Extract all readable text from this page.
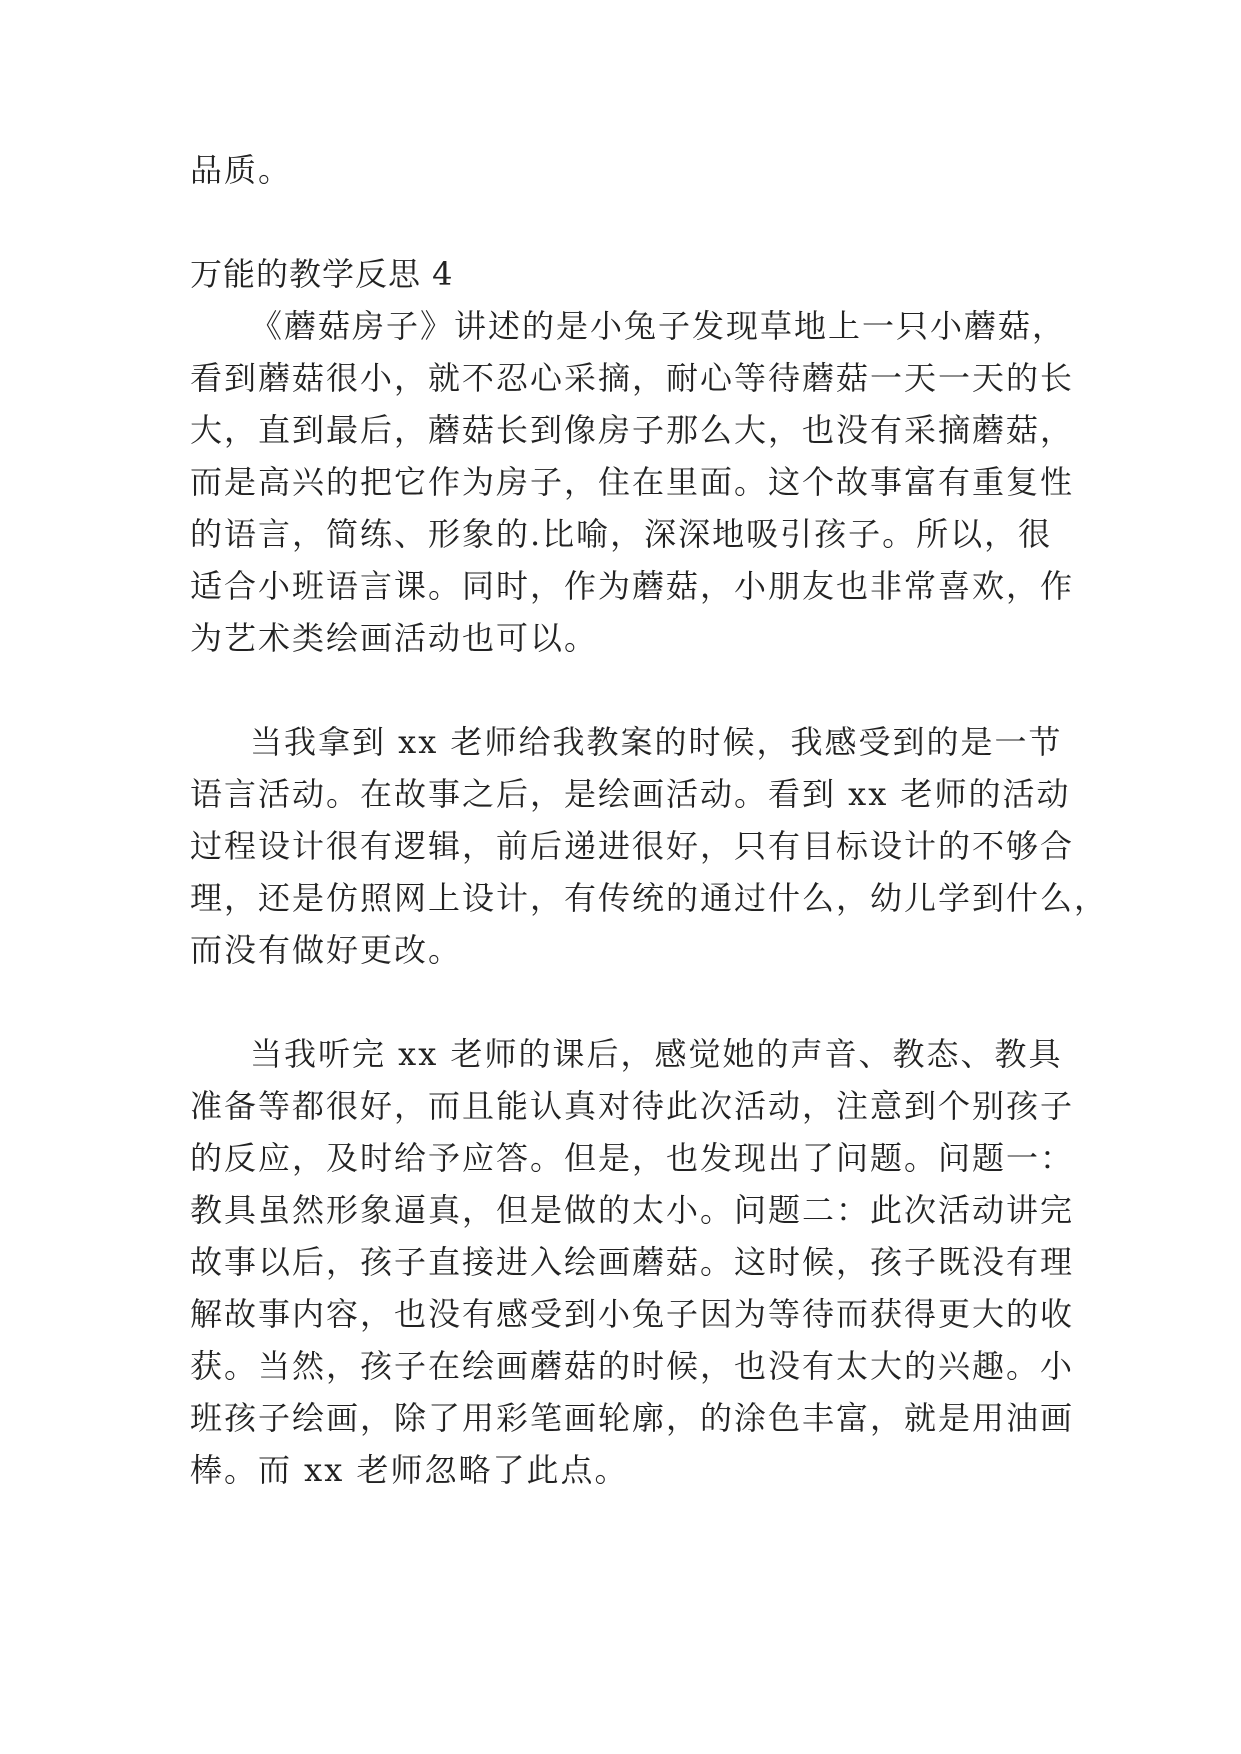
品质。
万能的教学反思 4
《蘑菇房子》讲述的是小兔子发现草地上一只小蘑菇，
看到蘑菇很小，就不忍心采摘，耐心等待蘑菇一天一天的长
大，直到最后，蘑菇长到像房子那么大，也没有采摘蘑菇，
而是高兴的把它作为房子，住在里面。这个故事富有重复性
的语言，简练、形象的.比喻，深深地吸引孩子。所以，很
适合小班语言课。同时，作为蘑菇，小朋友也非常喜欢，作
为艺术类绘画活动也可以。
当我拿到 xx 老师给我教案的时候，我感受到的是一节
语言活动。在故事之后，是绘画活动。看到 xx 老师的活动
过程设计很有逻辑，前后递进很好，只有目标设计的不够合
理，还是仿照网上设计，有传统的通过什么，幼儿学到什么，
而没有做好更改。
当我听完 xx 老师的课后，感觉她的声音、教态、教具
准备等都很好，而且能认真对待此次活动，注意到个别孩子
的反应，及时给予应答。但是，也发现出了问题。问题一：
教具虽然形象逼真，但是做的太小。问题二：此次活动讲完
故事以后，孩子直接进入绘画蘑菇。这时候，孩子既没有理
解故事内容，也没有感受到小兔子因为等待而获得更大的收
获。当然，孩子在绘画蘑菇的时候，也没有太大的兴趣。小
班孩子绘画，除了用彩笔画轮廓，的涂色丰富，就是用油画
棒。而 xx 老师忽略了此点。
